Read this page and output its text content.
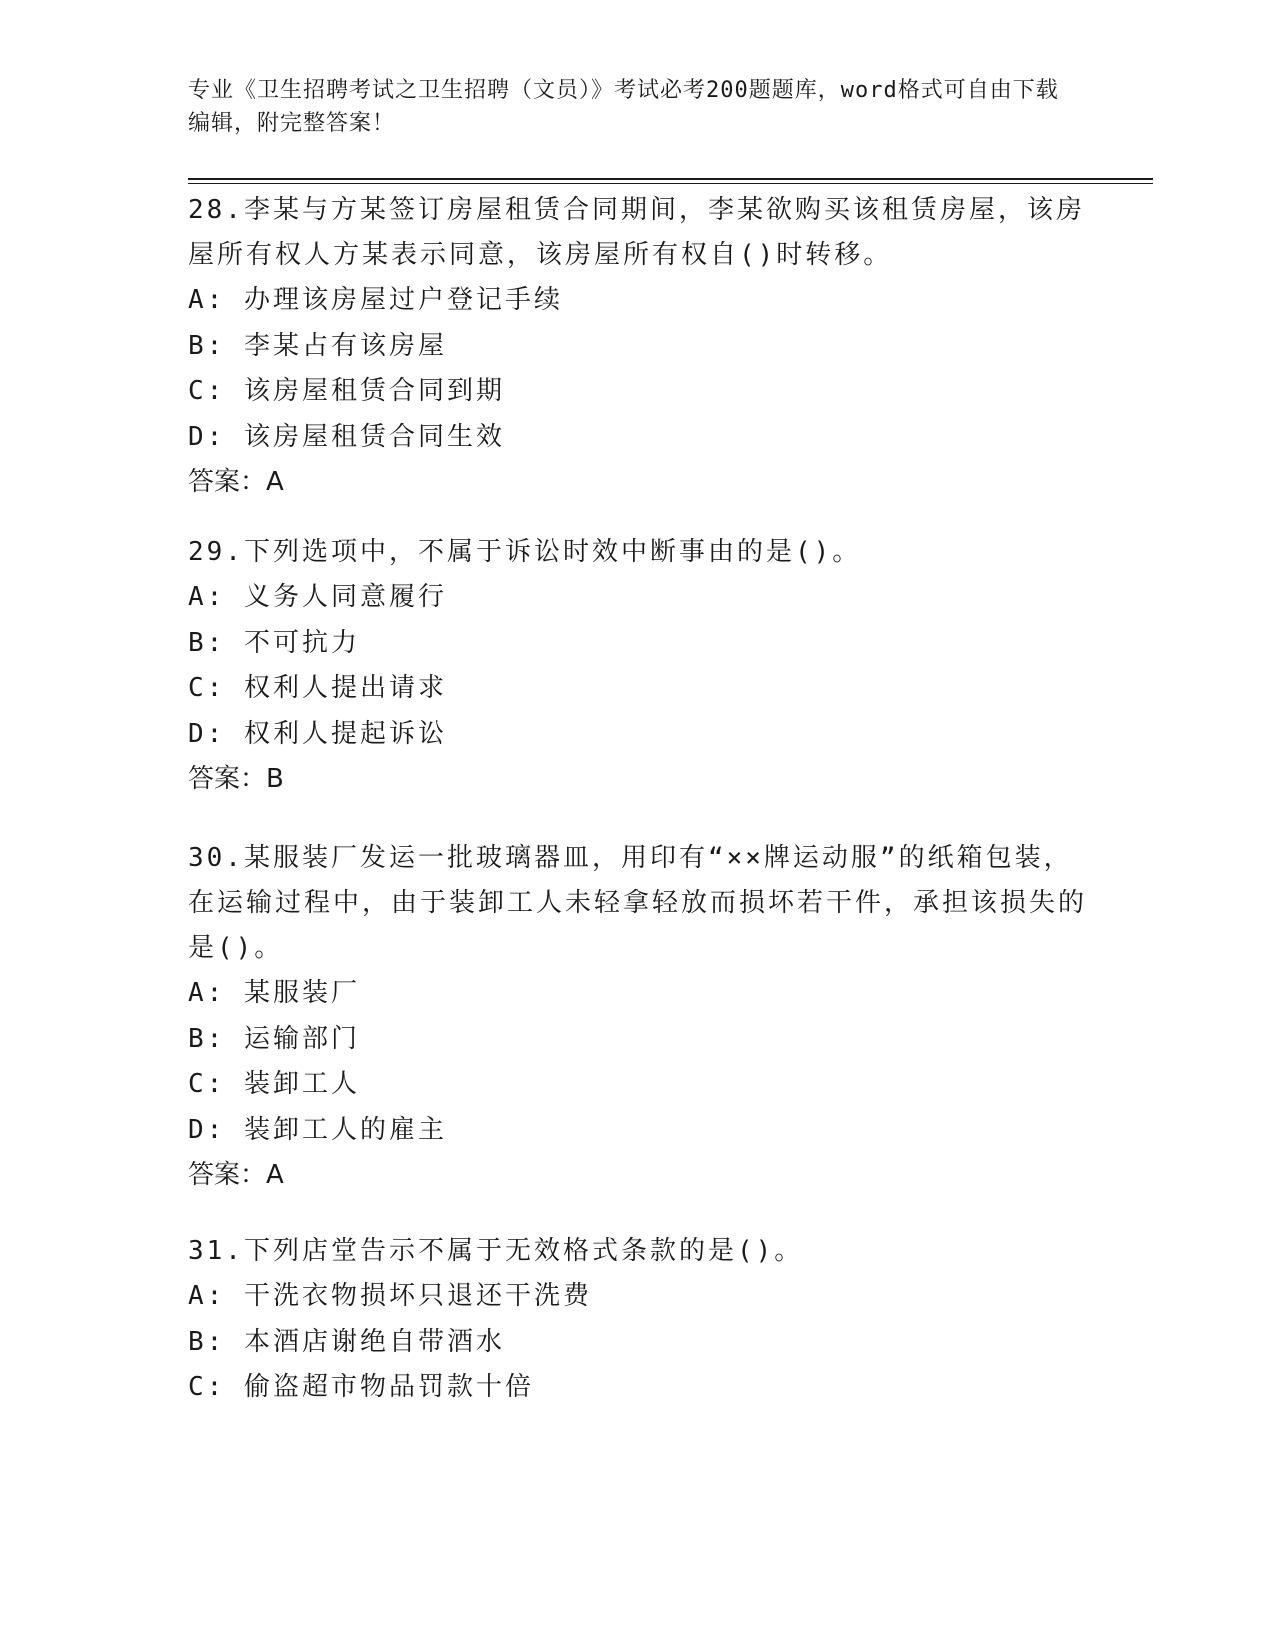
专业《卫生招聘考试之卫生招聘（文员）》考试必考200题题库，word格式可自由下载编辑，附完整答案！

28.李某与方某签订房屋租赁合同期间，李某欲购买该租赁房屋，该房屋所有权人方某表示同意，该房屋所有权自()时转移。

A: 办理该房屋过户登记手续

B: 李某占有该房屋

C: 该房屋租赁合同到期

D: 该房屋租赁合同生效

答案：A

29.下列选项中，不属于诉讼时效中断事由的是()。

A: 义务人同意履行

B: 不可抗力

C: 权利人提出请求

D: 权利人提起诉讼

答案：B

30.某服装厂发运一批玻璃器皿，用印有“××牌运动服”的纸箱包装，在运输过程中，由于装卸工人未轻拿轻放而损坏若干件，承担该损失的是()。

A: 某服装厂

B: 运输部门

C: 装卸工人

D: 装卸工人的雇主

答案：A

31.下列店堂告示不属于无效格式条款的是()。

A: 干洗衣物损坏只退还干洗费

B: 本酒店谢绝自带酒水

C: 偷盗超市物品罚款十倍
